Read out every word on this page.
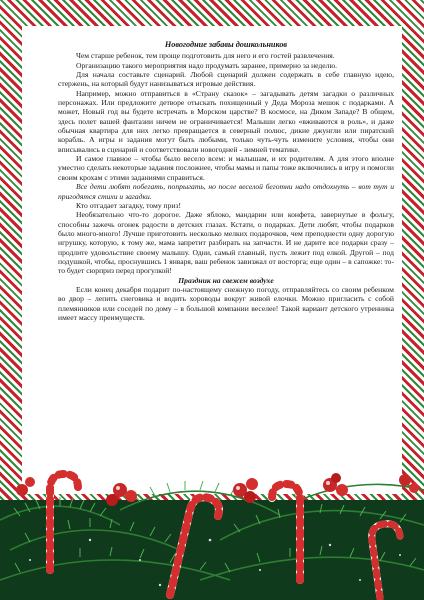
Новогодние забавы дошкольников

Чем старше ребенок, тем проще подготовить для него и его гостей развлечения.

Организацию такого мероприятия надо продумать заранее, примерно за неделю.

Для начала составьте сценарий. Любой сценарий должен содержать в себе главную идею, стержень, на который будут нанизываться игровые действия.

Например, можно отправиться в «Страну сказок» – загадывать детям загадки о различных персонажах. Или предложите детворе отыскать похищенный у Деда Мороза мешок с подарками. А может, Новый год вы будете встречать в Морском царстве? В космосе, на Диком Западе? В общем, здесь полет вашей фантазии ничем не ограничивается! Малыши легко «вживаются в роль», и даже обычная квартира для них легко превращается в северный полюс, дикие джунгли или пиратский корабль. А игры и задания могут быть любыми, только чуть-чуть измените условия, чтобы они вписывались в сценарий и соответствовали новогодней - зимней тематике.

И самое главное – чтобы было весело всем: и малышам, и их родителям. А для этого вполне уместно сделать некоторые задания посложнее, чтобы мамы и папы тоже включились в игру и помогли своим крохам с этими заданиями справиться.

Все дети любят побегать, попрыгать, но после веселой беготни надо отдохнуть – вот тут и пригодятся стихи и загадки.

Кто отгадает загадку, тому приз!

Необязательно что-то дорогое. Даже яблоко, мандарин или конфета, завернутые в фольгу, способны зажечь огонек радости в детских глазах. Кстати, о подарках. Дети любят, чтобы подарков было много-много! Лучше приготовить несколько мелких подарочков, чем преподнести одну дорогую игрушку, которую, к тому же, мама запретит разбирать на запчасти. И не дарите все подарки сразу – продлите удовольствие своему малышу. Одни, самый главный, пусть лежит под елкой. Другой – под подушкой, чтобы, проснувшись 1 января, ваш ребенок завизжал от восторга; еще один – в сапожке: то-то будет сюрприз перед прогулкой!

Праздник на свежем воздухе

Если конец декабря подарит по-настоящему снежную погоду, отправляйтесь со своим ребенком во двор – лепить снеговика и водить хороводы вокруг живой елочки. Можно пригласить с собой племянников или соседей по дому – в большой компании веселее! Такой вариант детского утренника имеет массу преимуществ.
